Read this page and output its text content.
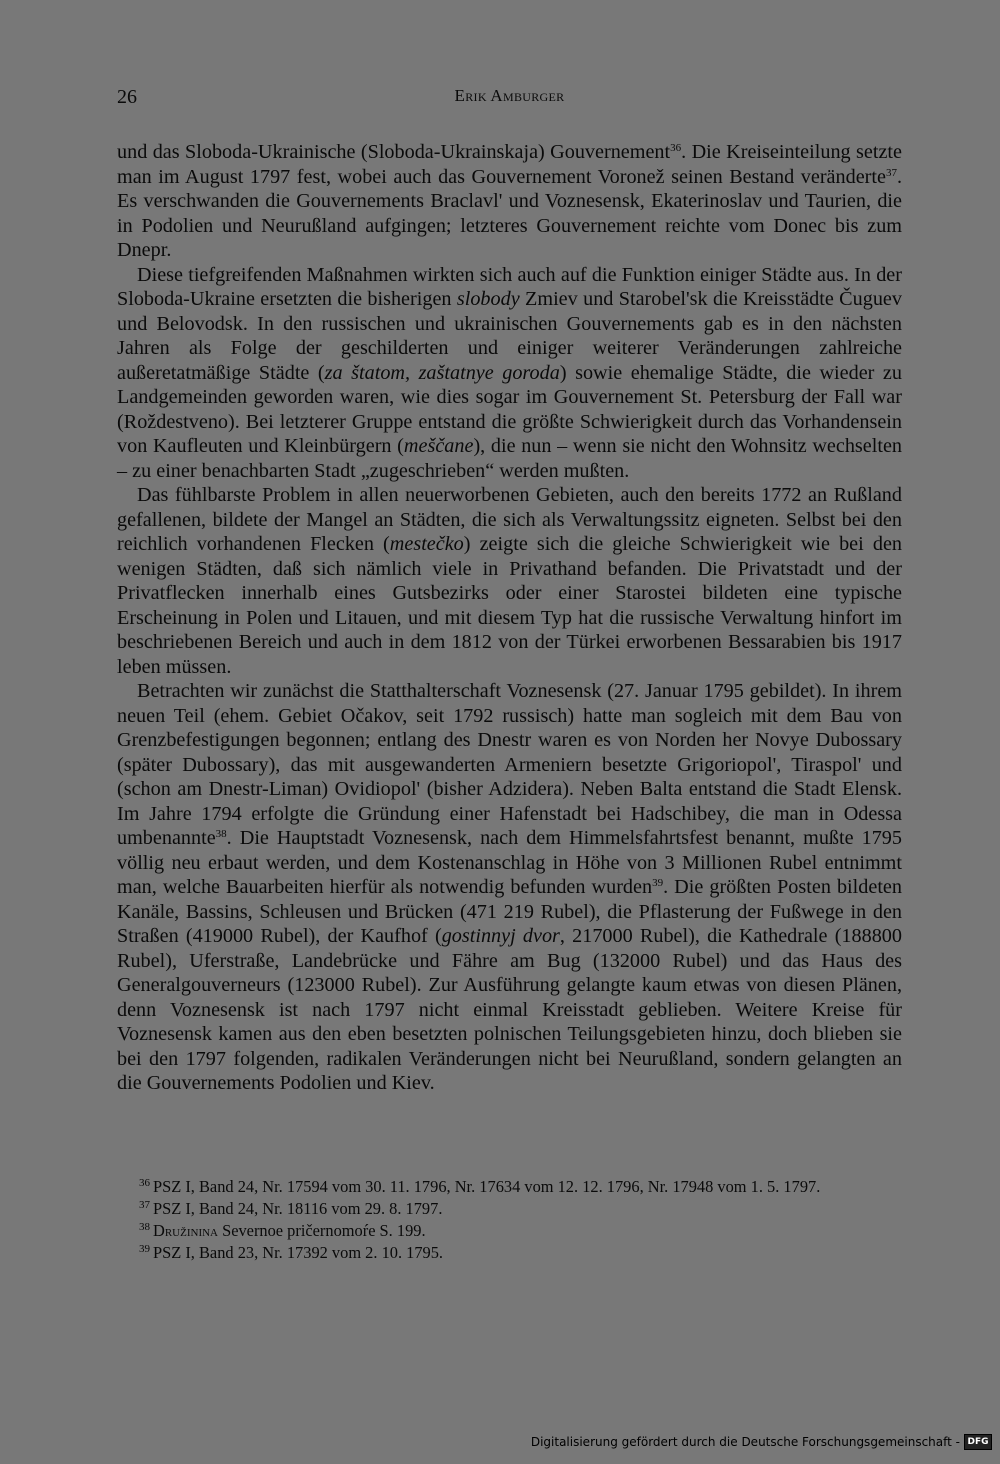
26	Erik Amburger

und das Sloboda-Ukrainische (Sloboda-Ukrainskaja) Gouvernement$^{36}$. Die Kreiseinteilung setzte man im August 1797 fest, wobei auch das Gouvernement Voronež seinen Bestand veränderte$^{37}$. Es verschwanden die Gouvernements Braclavl' und Voznesensk, Ekaterinoslav und Taurien, die in Podolien und Neurußland aufgingen; letzteres Gouvernement reichte vom Donec bis zum Dnepr.

Diese tiefgreifenden Maßnahmen wirkten sich auch auf die Funktion einiger Städte aus. In der Sloboda-Ukraine ersetzten die bisherigen slobody Zmiev und Starobel'sk die Kreisstädte Čuguev und Belovodsk. In den russischen und ukrainischen Gouvernements gab es in den nächsten Jahren als Folge der geschilderten und einiger weiterer Veränderungen zahlreiche außeretatmäßige Städte (za štatom, zaštatnye goroda) sowie ehemalige Städte, die wieder zu Landgemeinden geworden waren, wie dies sogar im Gouvernement St. Petersburg der Fall war (Roždestveno). Bei letzterer Gruppe entstand die größte Schwierigkeit durch das Vorhandensein von Kaufleuten und Kleinbürgern (meščane), die nun – wenn sie nicht den Wohnsitz wechselten – zu einer benachbarten Stadt „zugeschrieben“ werden mußten.

Das fühlbarste Problem in allen neuerworbenen Gebieten, auch den bereits 1772 an Rußland gefallenen, bildete der Mangel an Städten, die sich als Verwaltungssitz eigneten. Selbst bei den reichlich vorhandenen Flecken (mestečko) zeigte sich die gleiche Schwierigkeit wie bei den wenigen Städten, daß sich nämlich viele in Privathand befanden. Die Privatstadt und der Privatflecken innerhalb eines Gutsbezirks oder einer Starostei bildeten eine typische Erscheinung in Polen und Litauen, und mit diesem Typ hat die russische Verwaltung hinfort im beschriebenen Bereich und auch in dem 1812 von der Türkei erworbenen Bessarabien bis 1917 leben müssen.

Betrachten wir zunächst die Statthalterschaft Voznesensk (27. Januar 1795 gebildet). In ihrem neuen Teil (ehem. Gebiet Očakov, seit 1792 russisch) hatte man sogleich mit dem Bau von Grenzbefestigungen begonnen; entlang des Dnestr waren es von Norden her Novye Dubossary (später Dubossary), das mit ausgewanderten Armeniern besetzte Grigoriopol', Tiraspol' und (schon am Dnestr-Liman) Ovidiopol' (bisher Adzidera). Neben Balta entstand die Stadt Elensk. Im Jahre 1794 erfolgte die Gründung einer Hafenstadt bei Hadschibey, die man in Odessa umbenannte$^{38}$. Die Hauptstadt Voznesensk, nach dem Himmelsfahrtsfest benannt, mußte 1795 völlig neu erbaut werden, und dem Kostenanschlag in Höhe von 3 Millionen Rubel entnimmt man, welche Bauarbeiten hierfür als notwendig befunden wurden$^{39}$. Die größten Posten bildeten Kanäle, Bassins, Schleusen und Brücken (471 219 Rubel), die Pflasterung der Fußwege in den Straßen (419000 Rubel), der Kaufhof (gostinnyj dvor, 217000 Rubel), die Kathedrale (188800 Rubel), Uferstraße, Landebrücke und Fähre am Bug (132000 Rubel) und das Haus des Generalgouverneurs (123000 Rubel). Zur Ausführung gelangte kaum etwas von diesen Plänen, denn Voznesensk ist nach 1797 nicht einmal Kreisstadt geblieben. Weitere Kreise für Voznesensk kamen aus den eben besetzten polnischen Teilungsgebieten hinzu, doch blieben sie bei den 1797 folgenden, radikalen Veränderungen nicht bei Neurußland, sondern gelangten an die Gouvernements Podolien und Kiev.

$^{36}$ PSZ I, Band 24, Nr. 17594 vom 30. 11. 1796, Nr. 17634 vom 12. 12. 1796, Nr. 17948 vom 1. 5. 1797.

$^{37}$ PSZ I, Band 24, Nr. 18116 vom 29. 8. 1797.

$^{38}$ Družinina Severnoe pričernomoŕe S. 199.

$^{39}$ PSZ I, Band 23, Nr. 17392 vom 2. 10. 1795.

Digitalisierung gefördert durch die Deutsche Forschungsgemeinschaft - DFG
